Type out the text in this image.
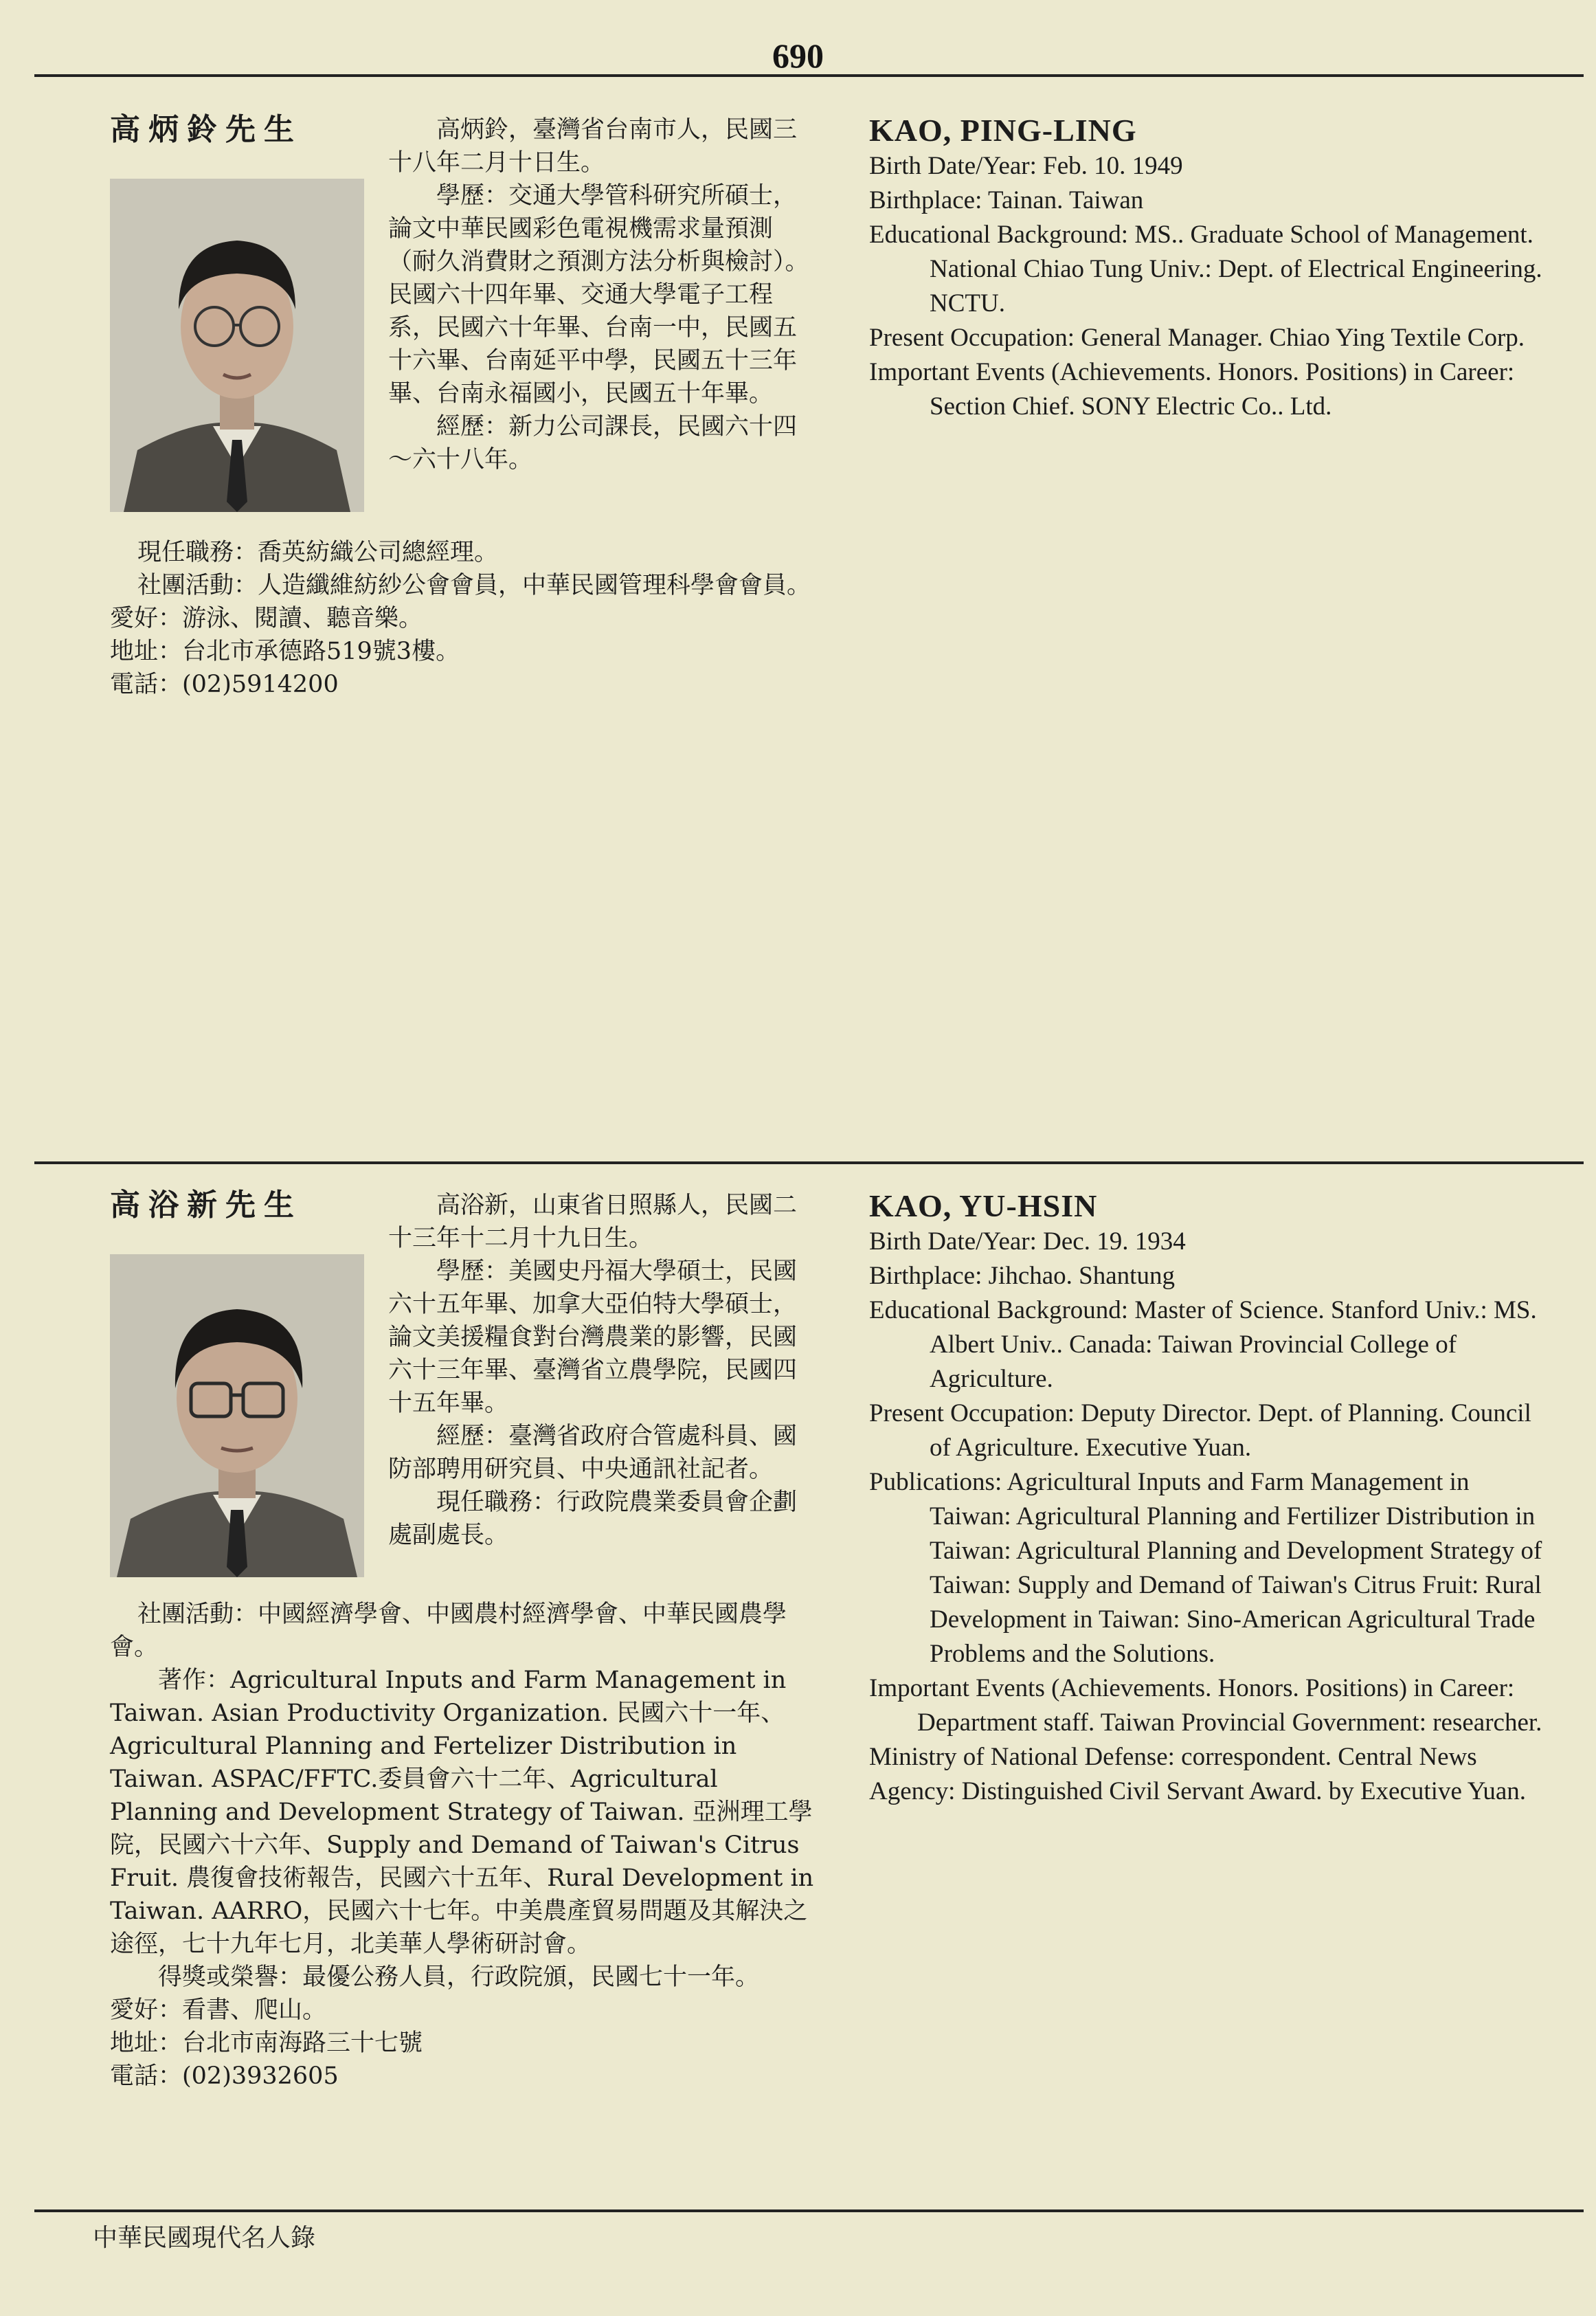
690
高炳鈴先生	高炳鈴，臺灣省台南市人，民國三十八年二月十日生。

學歷：交通大學管科研究所碩士，論文中華民國彩色電視機需求量預測（耐久消費財之預測方法分析與檢討）。民國六十四年畢、交通大學電子工程系，民國六十年畢、台南一中，民國五十六畢、台南延平中學，民國五十三年畢、台南永福國小，民國五十年畢。

經歷：新力公司課長，民國六十四～六十八年。

現任職務：喬英紡織公司總經理。

社團活動：人造纖維紡紗公會會員，中華民國管理科學會會員。

愛好：游泳、閱讀、聽音樂。

地址：台北市承德路519號3樓。

電話：(02)5914200

KAO, PING-LING

Birth Date/Year: Feb. 10. 1949

Birthplace: Tainan. Taiwan

Educational Background: MS.. Graduate School of Management. National Chiao Tung Univ.: Dept. of Electrical Engineering. NCTU.

Present Occupation: General Manager. Chiao Ying Textile Corp.

Important Events (Achievements. Honors. Positions) in Career:

Section Chief. SONY Electric Co.. Ltd.

高浴新先生	高浴新，山東省日照縣人，民國二十三年十二月十九日生。

學歷：美國史丹福大學碩士，民國六十五年畢、加拿大亞伯特大學碩士，論文美援糧食對台灣農業的影響，民國六十三年畢、臺灣省立農學院，民國四十五年畢。

經歷：臺灣省政府合管處科員、國防部聘用研究員、中央通訊社記者。

現任職務：行政院農業委員會企劃處副處長。

社團活動：中國經濟學會、中國農村經濟學會、中華民國農學會。

著作：Agricultural Inputs and Farm Management in Taiwan. Asian Productivity Organization. 民國六十一年、Agricultural Planning and Fertelizer Distribution in Taiwan. ASPAC/FFTC.委員會六十二年、Agricultural Planning and Development Strategy of Taiwan. 亞洲理工學院，民國六十六年、Supply and Demand of Taiwan's Citrus Fruit. 農復會技術報告，民國六十五年、Rural Development in Taiwan. AARRO，民國六十七年。中美農產貿易問題及其解決之途徑，七十九年七月，北美華人學術研討會。

得獎或榮譽：最優公務人員，行政院頒，民國七十一年。

愛好：看書、爬山。

地址：台北市南海路三十七號

電話：(02)3932605

KAO, YU-HSIN

Birth Date/Year: Dec. 19. 1934

Birthplace: Jihchao. Shantung

Educational Background: Master of Science. Stanford Univ.: MS. Albert Univ.. Canada: Taiwan Provincial College of Agriculture.

Present Occupation: Deputy Director. Dept. of Planning. Council of Agriculture. Executive Yuan.

Publications: Agricultural Inputs and Farm Management in Taiwan: Agricultural Planning and Fertilizer Distribution in Taiwan: Agricultural Planning and Development Strategy of Taiwan: Supply and Demand of Taiwan's Citrus Fruit: Rural Development in Taiwan: Sino-American Agricultural Trade Problems and the Solutions.

Important Events (Achievements. Honors. Positions) in Career:

Department staff. Taiwan Provincial Government: researcher. Ministry of National Defense: correspondent. Central News Agency: Distinguished Civil Servant Award. by Executive Yuan.

中華民國現代名人錄
